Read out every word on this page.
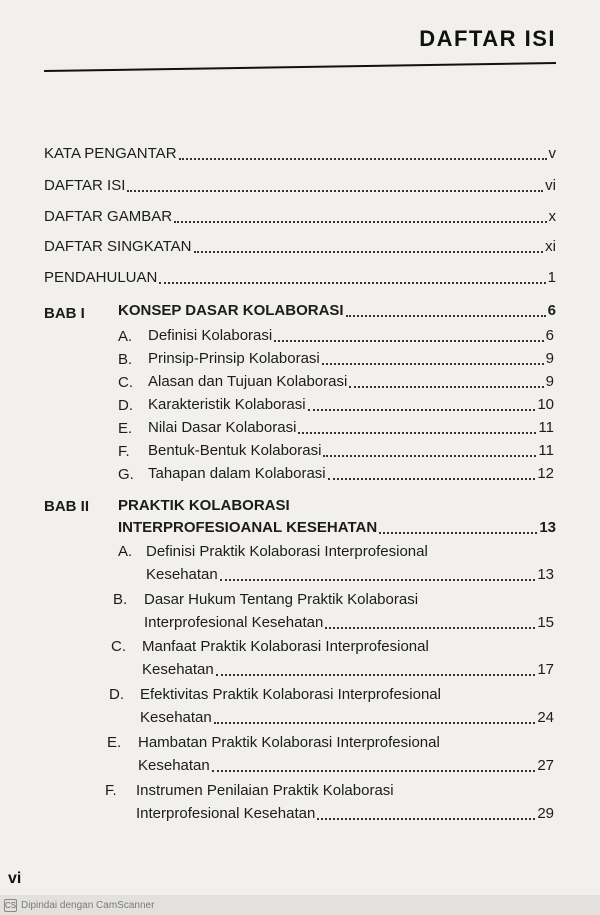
DAFTAR ISI
KATA PENGANTAR	v
DAFTAR ISI	vi
DAFTAR GAMBAR	x
DAFTAR SINGKATAN	xi
PENDAHULUAN	1
BAB I KONSEP DASAR KOLABORASI	6
A. Definisi Kolaborasi	6
B. Prinsip-Prinsip Kolaborasi	9
C. Alasan dan Tujuan Kolaborasi	9
D. Karakteristik Kolaborasi	10
E. Nilai Dasar Kolaborasi	11
F. Bentuk-Bentuk Kolaborasi	11
G. Tahapan dalam Kolaborasi	12
BAB II PRAKTIK KOLABORASI
INTERPROFESIOANAL KESEHATAN	13
A. Definisi Praktik Kolaborasi Interprofesional
Kesehatan	13
B. Dasar Hukum Tentang Praktik Kolaborasi
Interprofesional Kesehatan	15
C. Manfaat Praktik Kolaborasi Interprofesional
Kesehatan	17
D. Efektivitas Praktik Kolaborasi Interprofesional
Kesehatan	24
E. Hambatan Praktik Kolaborasi Interprofesional
Kesehatan	27
F. Instrumen Penilaian Praktik Kolaborasi
Interprofesional Kesehatan	29
vi
CS Dipindai dengan CamScanner
